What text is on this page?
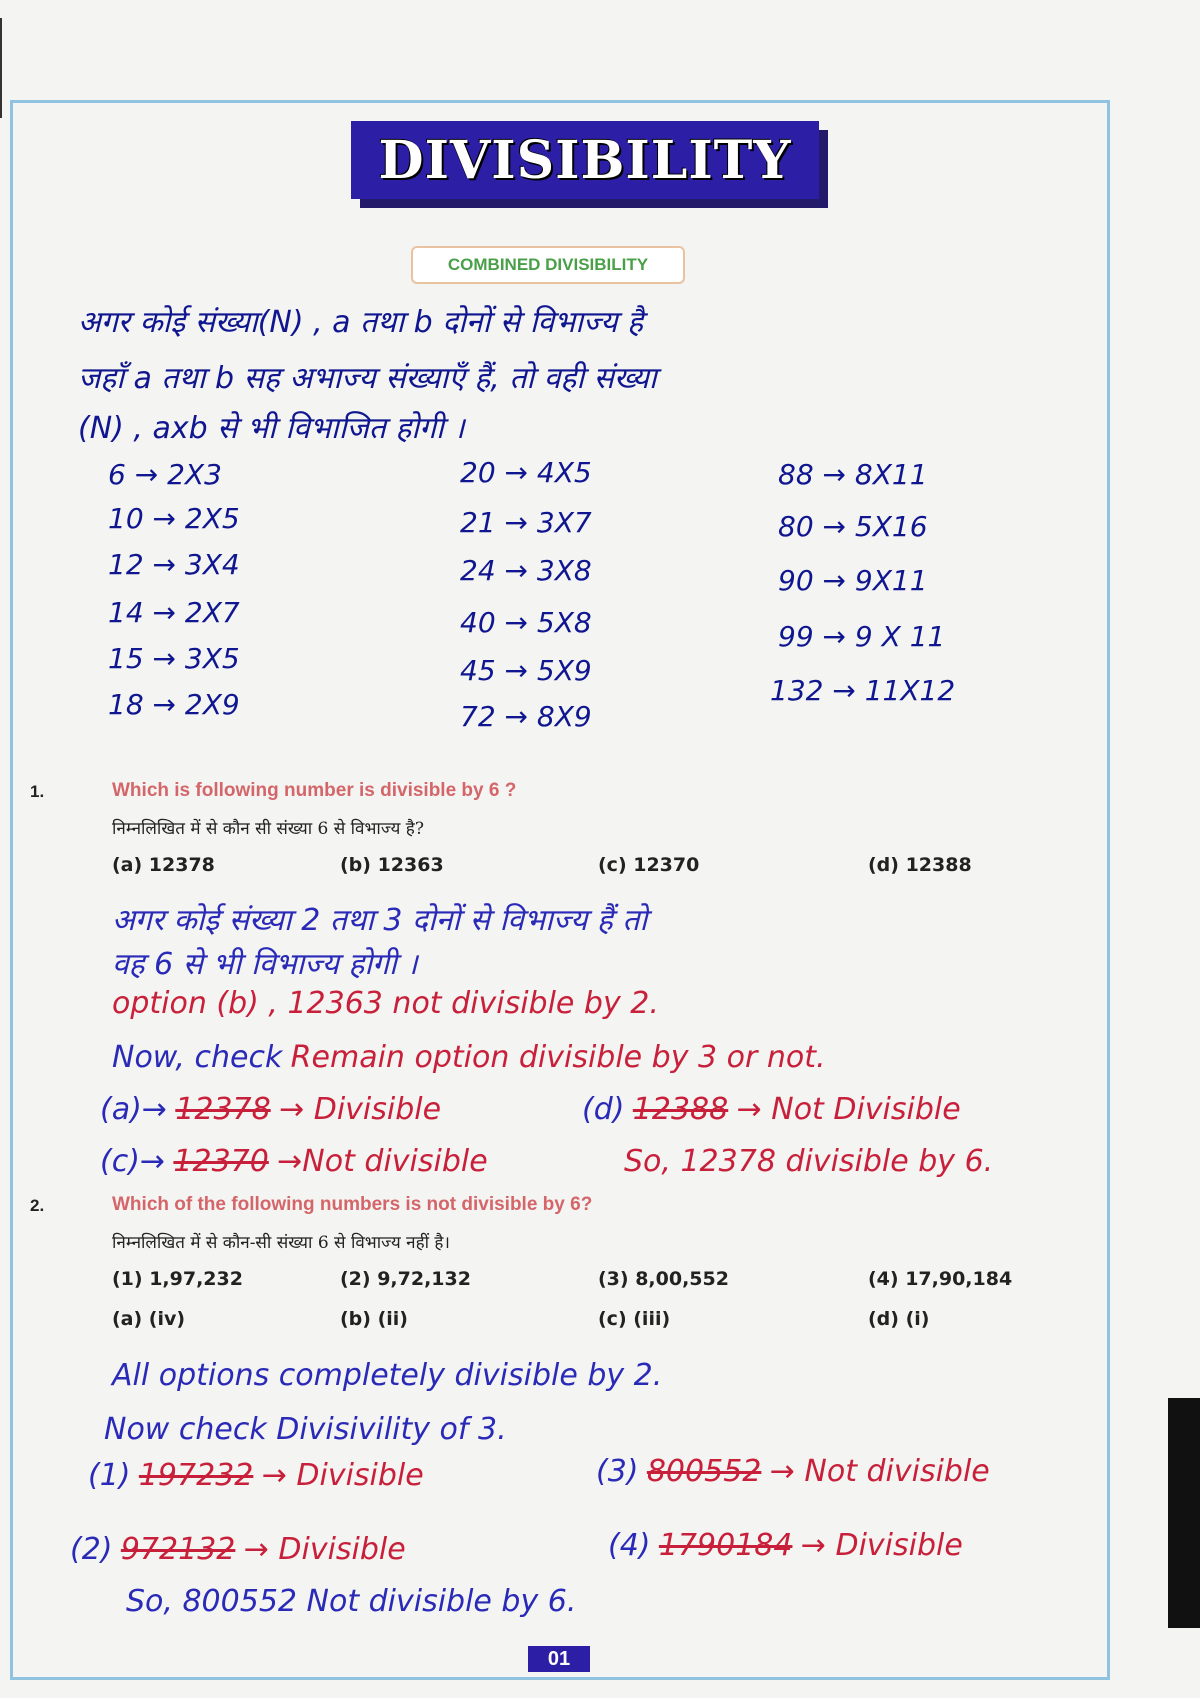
DIVISIBILITY
COMBINED DIVISIBILITY
अगर कोई संख्या(N) , a तथा b दोनों से विभाज्य है
जहाँ a तथा b सह अभाज्य संख्याएँ हैं, तो वही संख्या
(N) , axb से भी विभाजित होगी ।
6 → 2X3
10 → 2X5
12 → 3X4
14 → 2X7
15 → 3X5
18 → 2X9
20 → 4X5
21 → 3X7
24 → 3X8
40 → 5X8
45 → 5X9
72 → 8X9
88 → 8X11
80 → 5X16
90 → 9X11
99 → 9 X 11
132 → 11X12
1.	Which is following number is divisible by 6 ?
निम्नलिखित में से कौन सी संख्या 6 से विभाज्य है?
(a) 12378	(b) 12363	(c) 12370	(d) 12388
अगर कोई संख्या 2 तथा 3 दोनों से विभाज्य हैं तो
वह 6 से भी विभाज्य होगी ।
option (b) , 12363 not divisible by 2.
Now, check Remain option divisible by 3 or not.
(a)→ 12378 → Divisible	(d) 12388 → Not Divisible
(c)→ 12370 →Not divisible	So, 12378 divisible by 6.
2.	Which of the following numbers is not divisible by 6?
निम्नलिखित में से कौन-सी संख्या 6 से विभाज्य नहीं है।
(1) 1,97,232	(2) 9,72,132	(3) 8,00,552	(4) 17,90,184
(a) (iv)	(b) (ii)	(c) (iii)	(d) (i)
All options completely divisible by 2.
Now check Divisivility of 3.
(1) 197232 → Divisible	(3) 800552 → Not divisible
(2) 972132 → Divisible	(4) 1790184 → Divisible
So, 800552 Not divisible by 6.
01
